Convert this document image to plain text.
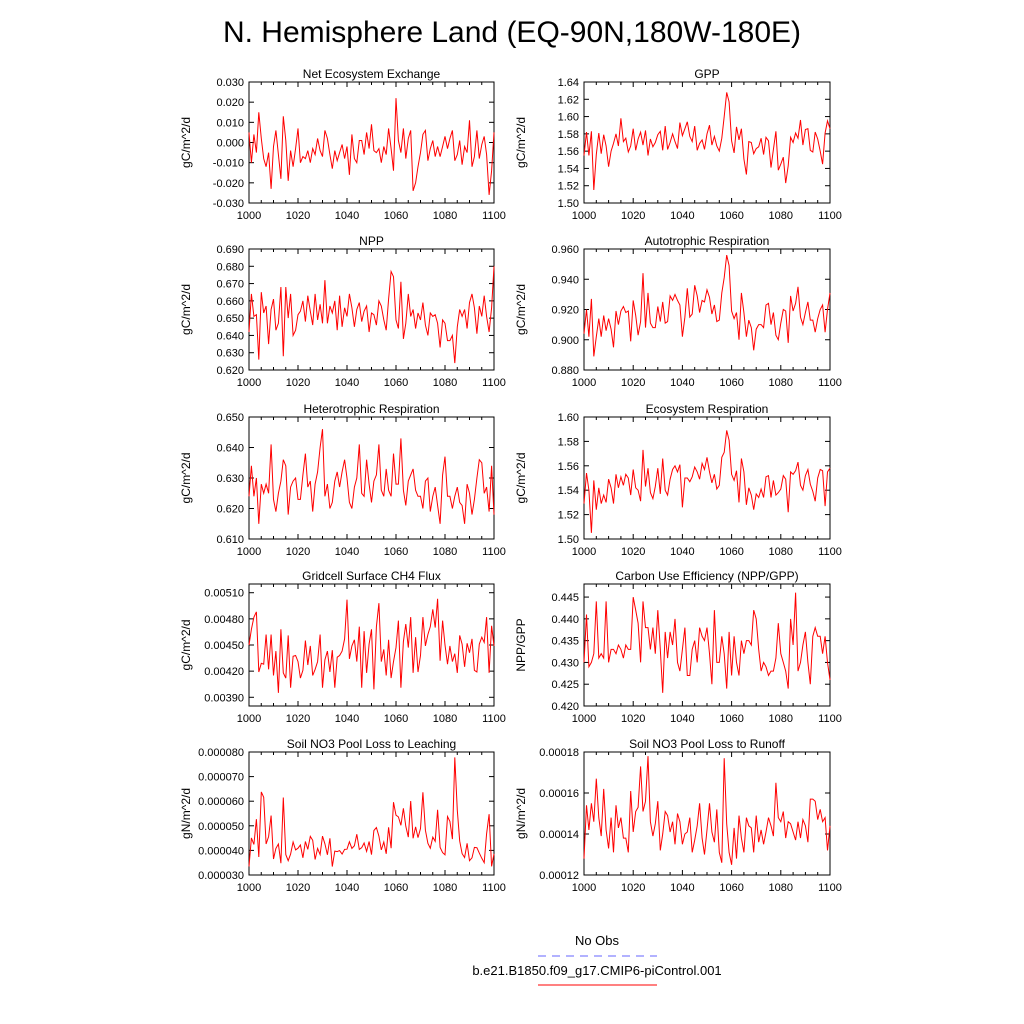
N. Hemisphere Land (EQ-90N,180W-180E)
Net Ecosystem Exchange
gC/m^2/d
1000 1020 1040 1060 1080 1100
0.030
0.020
0.010
0.000
-0.010
-0.020
-0.030
GPP
gC/m^2/d
1000 1020 1040 1060 1080 1100
1.64
1.62
1.60
1.58
1.56
1.54
1.52
1.50
NPP
gC/m^2/d
1000 1020 1040 1060 1080 1100
0.690
0.680
0.670
0.660
0.650
0.640
0.630
0.620
Autotrophic Respiration
gC/m^2/d
1000 1020 1040 1060 1080 1100
0.960
0.940
0.920
0.900
0.880
Heterotrophic Respiration
gC/m^2/d
1000 1020 1040 1060 1080 1100
0.650
0.640
0.630
0.620
0.610
Ecosystem Respiration
gC/m^2/d
1000 1020 1040 1060 1080 1100
1.60
1.58
1.56
1.54
1.52
1.50
Gridcell Surface CH4 Flux
gC/m^2/d
1000 1020 1040 1060 1080 1100
0.00510
0.00480
0.00450
0.00420
0.00390
Carbon Use Efficiency (NPP/GPP)
NPP/GPP
1000 1020 1040 1060 1080 1100
0.445
0.440
0.435
0.430
0.425
0.420
Soil NO3 Pool Loss to Leaching
gN/m^2/d
1000 1020 1040 1060 1080 1100
0.000080
0.000070
0.000060
0.000050
0.000040
0.000030
Soil NO3 Pool Loss to Runoff
gN/m^2/d
1000 1020 1040 1060 1080 1100
0.00018
0.00016
0.00014
0.00012
No Obs
b.e21.B1850.f09_g17.CMIP6-piControl.001
